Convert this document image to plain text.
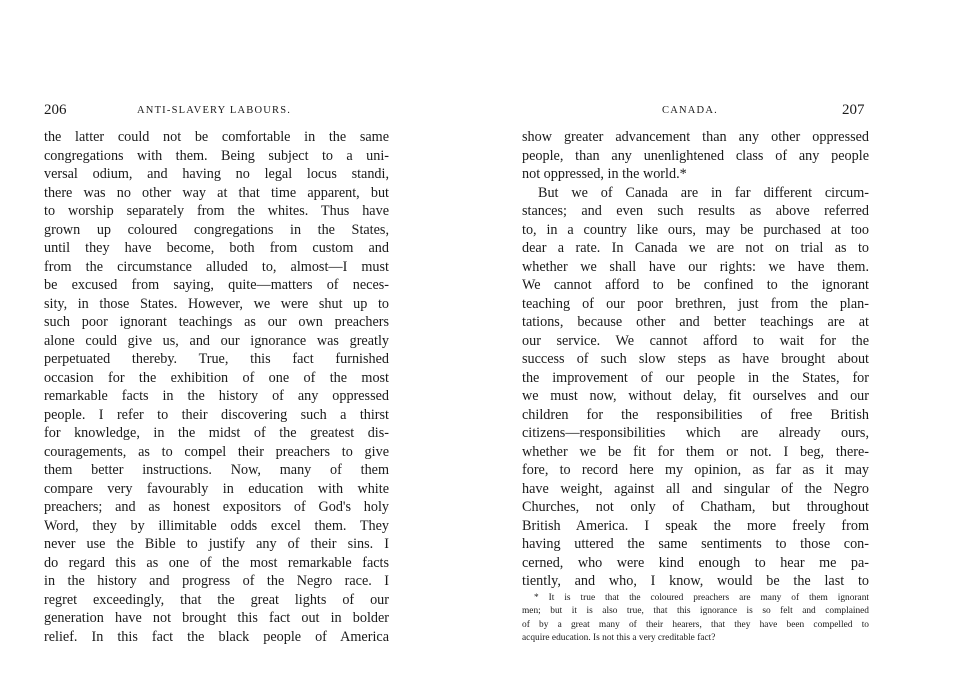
206	ANTI-SLAVERY LABOURS.
the latter could not be comfortable in the same
congregations with them. Being subject to a uni-
versal odium, and having no legal locus standi,
there was no other way at that time apparent, but
to worship separately from the whites. Thus have
grown up coloured congregations in the States,
until they have become, both from custom and
from the circumstance alluded to, almost—I must
be excused from saying, quite—matters of neces-
sity, in those States. However, we were shut up to
such poor ignorant teachings as our own preachers
alone could give us, and our ignorance was greatly
perpetuated thereby. True, this fact furnished
occasion for the exhibition of one of the most
remarkable facts in the history of any oppressed
people. I refer to their discovering such a thirst
for knowledge, in the midst of the greatest dis-
couragements, as to compel their preachers to give
them better instructions. Now, many of them
compare very favourably in education with white
preachers; and as honest expositors of God's holy
Word, they by illimitable odds excel them. They
never use the Bible to justify any of their sins. I
do regard this as one of the most remarkable facts
in the history and progress of the Negro race. I
regret exceedingly, that the great lights of our
generation have not brought this fact out in bolder
relief. In this fact the black people of America
CANADA.	207
show greater advancement than any other oppressed
people, than any unenlightened class of any people
not oppressed, in the world.*
But we of Canada are in far different circum-
stances; and even such results as above referred
to, in a country like ours, may be purchased at too
dear a rate. In Canada we are not on trial as to
whether we shall have our rights: we have them.
We cannot afford to be confined to the ignorant
teaching of our poor brethren, just from the plan-
tations, because other and better teachings are at
our service. We cannot afford to wait for the
success of such slow steps as have brought about
the improvement of our people in the States, for
we must now, without delay, fit ourselves and our
children for the responsibilities of free British
citizens—responsibilities which are already ours,
whether we be fit for them or not. I beg, there-
fore, to record here my opinion, as far as it may
have weight, against all and singular of the Negro
Churches, not only of Chatham, but throughout
British America. I speak the more freely from
having uttered the same sentiments to those con-
cerned, who were kind enough to hear me pa-
tiently, and who, I know, would be the last to
* It is true that the coloured preachers are many of them ignorant
men; but it is also true, that this ignorance is so felt and complained
of by a great many of their hearers, that they have been compelled to
acquire education. Is not this a very creditable fact?
